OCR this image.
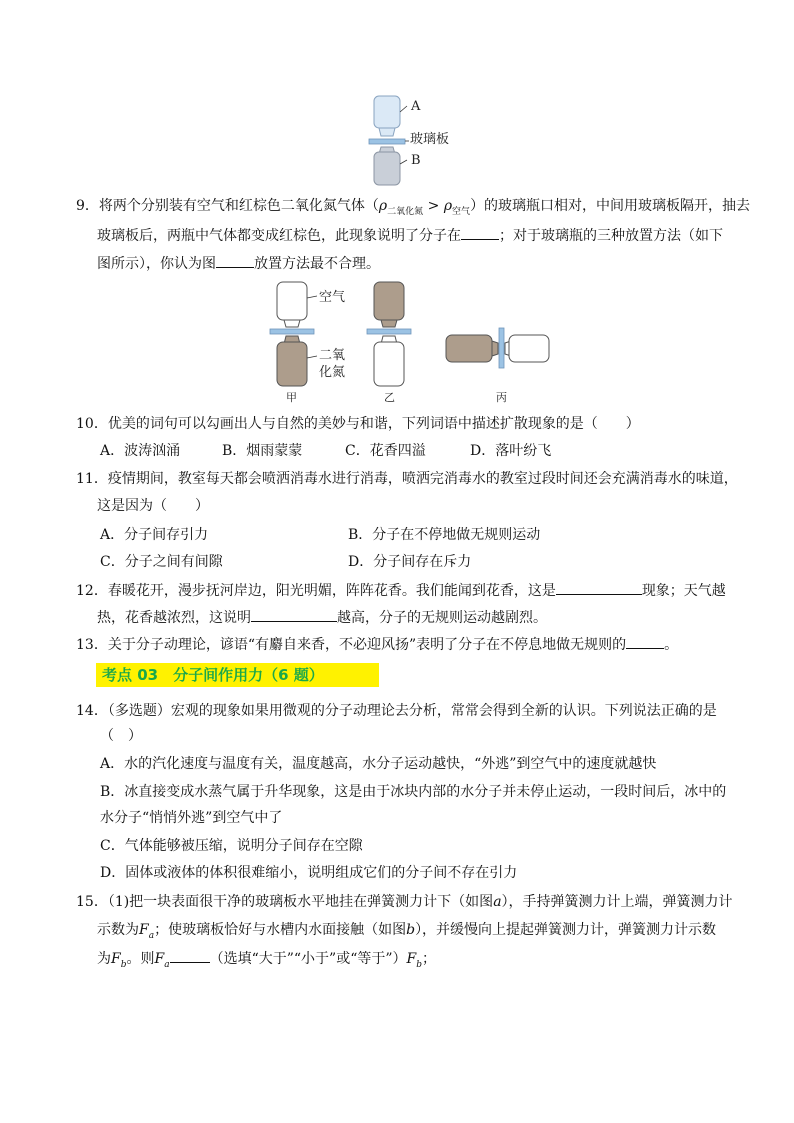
A
玻璃板
B
9．将两个分别装有空气和红棕色二氧化氮气体$(\rho_{二氧化氮} > \rho_{空气})$的玻璃瓶口相对，中间用玻璃板隔开，抽去
玻璃板后，两瓶中气体都变成红棕色，此现象说明了分子在	；对于玻璃瓶的三种放置方法（如下
图所示），你认为图	放置方法最不合理。
空气
二氧
化氮
甲	乙	丙
10．优美的词句可以勾画出人与自然的美妙与和谐，下列词语中描述扩散现象的是（　　）
A．波涛汹涌	B．烟雨蒙蒙	C．花香四溢	D．落叶纷飞
11．疫情期间，教室每天都会喷洒消毒水进行消毒，喷洒完消毒水的教室过段时间还会充满消毒水的味道，
这是因为（　　）
A．分子间存引力	B．分子在不停地做无规则运动
C．分子之间有间隙	D．分子间存在斥力
12．春暖花开，漫步抚河岸边，阳光明媚，阵阵花香。我们能闻到花香，这是	现象；天气越
热，花香越浓烈，这说明	越高，分子的无规则运动越剧烈。
13．关于分子动理论，谚语“有麝自来香，不必迎风扬”表明了分子在不停息地做无规则的	。
考点 03　分子间作用力（6 题）
14．（多选题）宏观的现象如果用微观的分子动理论去分析，常常会得到全新的认识。下列说法正确的是
（　）
A．水的汽化速度与温度有关，温度越高，水分子运动越快，“外逃”到空气中的速度就越快
B．冰直接变成水蒸气属于升华现象，这是由于冰块内部的水分子并未停止运动，一段时间后，冰中的
水分子“悄悄外逃”到空气中了
C．气体能够被压缩，说明分子间存在空隙
D．固体或液体的体积很难缩小，说明组成它们的分子间不存在引力
15．（1)把一块表面很干净的玻璃板水平地挂在弹簧测力计下（如图a），手持弹簧测力计上端，弹簧测力计
示数为$F_a$；使玻璃板恰好与水槽内水面接触（如图b），并缓慢向上提起弹簧测力计，弹簧测力计示数
为$F_b$。则$F_a$	（选填“大于”“小于”或“等于$”)F_b$；
